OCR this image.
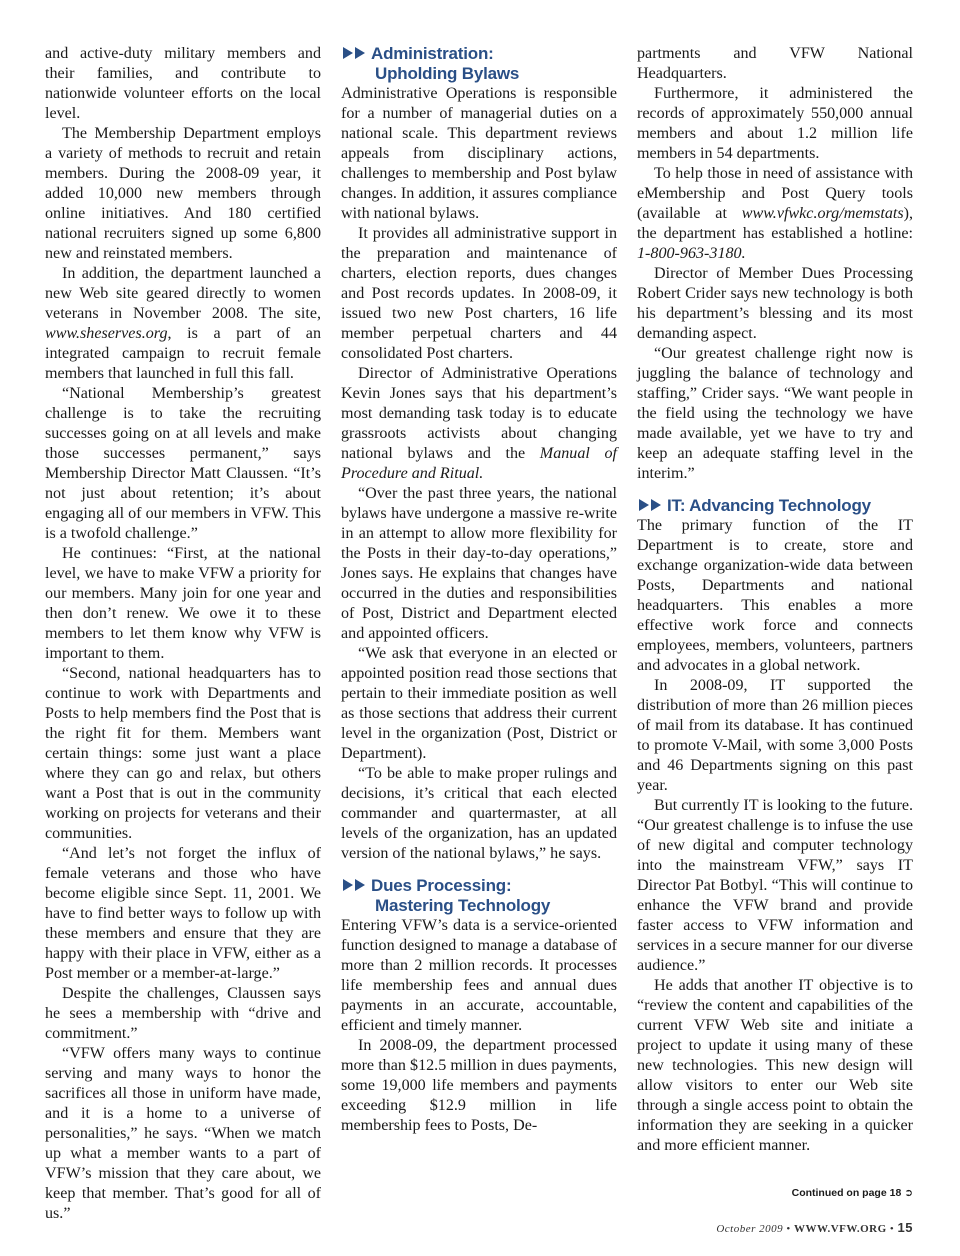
and active-duty military members and their families, and contribute to nationwide volunteer efforts on the local level.

The Membership Department employs a variety of methods to recruit and retain members. During the 2008-09 year, it added 10,000 new members through online initiatives. And 180 certified national recruiters signed up some 6,800 new and reinstated members.

In addition, the department launched a new Web site geared directly to women veterans in November 2008. The site, www.sheserves.org, is a part of an integrated campaign to recruit female members that launched in full this fall.

“National Membership’s greatest challenge is to take the recruiting successes going on at all levels and make those successes permanent,” says Membership Director Matt Claussen. “It’s not just about retention; it’s about engaging all of our members in VFW. This is a twofold challenge.”

He continues: “First, at the national level, we have to make VFW a priority for our members. Many join for one year and then don’t renew. We owe it to these members to let them know why VFW is important to them.

“Second, national headquarters has to continue to work with Departments and Posts to help members find the Post that is the right fit for them. Members want certain things: some just want a place where they can go and relax, but others want a Post that is out in the community working on projects for veterans and their communities.

“And let’s not forget the influx of female veterans and those who have become eligible since Sept. 11, 2001. We have to find better ways to follow up with these members and ensure that they are happy with their place in VFW, either as a Post member or a member-at-large.”

Despite the challenges, Claussen says he sees a membership with “drive and commitment.”

“VFW offers many ways to continue serving and many ways to honor the sacrifices all those in uniform have made, and it is a home to a universe of personalities,” he says. “When we match up what a member wants to a part of VFW’s mission that they care about, we keep that member. That’s good for all of us.”

Administration:
Upholding Bylaws

Administrative Operations is responsible for a number of managerial duties on a national scale. This department reviews appeals from disciplinary actions, challenges to membership and Post bylaw changes. In addition, it assures compliance with national bylaws.

It provides all administrative support in the preparation and maintenance of charters, election reports, dues changes and Post records updates. In 2008-09, it issued two new Post charters, 16 life member perpetual charters and 44 consolidated Post charters.

Director of Administrative Operations Kevin Jones says that his department’s most demanding task today is to educate grassroots activists about changing national bylaws and the Manual of Procedure and Ritual.

“Over the past three years, the national bylaws have undergone a massive re-write in an attempt to allow more flexibility for the Posts in their day-to-day operations,” Jones says. He explains that changes have occurred in the duties and responsibilities of Post, District and Department elected and appointed officers.

“We ask that everyone in an elected or appointed position read those sections that pertain to their immediate position as well as those sections that address their current level in the organization (Post, District or Department).

“To be able to make proper rulings and decisions, it’s critical that each elected commander and quartermaster, at all levels of the organization, has an updated version of the national bylaws,” he says.

Dues Processing:
Mastering Technology

Entering VFW’s data is a service-oriented function designed to manage a database of more than 2 million records. It processes life membership fees and annual dues payments in an accurate, accountable, efficient and timely manner.

In 2008-09, the department processed more than $12.5 million in dues payments, some 19,000 life members and payments exceeding $12.9 million in life membership fees to Posts, De-

partments and VFW National Headquarters.

Furthermore, it administered the records of approximately 550,000 annual members and about 1.2 million life members in 54 departments.

To help those in need of assistance with eMembership and Post Query tools (available at www.vfwkc.org/memstats), the department has established a hotline: 1-800-963-3180.

Director of Member Dues Processing Robert Crider says new technology is both his department’s blessing and its most demanding aspect.

“Our greatest challenge right now is juggling the balance of technology and staffing,” Crider says. “We want people in the field using the technology we have made available, yet we have to try and keep an adequate staffing level in the interim.”

IT: Advancing Technology

The primary function of the IT Department is to create, store and exchange organization-wide data between Posts, Departments and national headquarters. This enables a more effective work force and connects employees, members, volunteers, partners and advocates in a global network.

In 2008-09, IT supported the distribution of more than 26 million pieces of mail from its database. It has continued to promote V-Mail, with some 3,000 Posts and 46 Departments signing on this past year.

But currently IT is looking to the future. “Our greatest challenge is to infuse the use of new digital and computer technology into the mainstream VFW,” says IT Director Pat Botbyl. “This will continue to enhance the VFW brand and provide faster access to VFW information and services in a secure manner for our diverse audience.”

He adds that another IT objective is to “review the content and capabilities of the current VFW Web site and initiate a project to update it using many of these new technologies. This new design will allow visitors to enter our Web site through a single access point to obtain the information they are seeking in a quicker and more efficient manner.

Continued on page 18 ➲
October 2009 • WWW.VFW.ORG • 15
